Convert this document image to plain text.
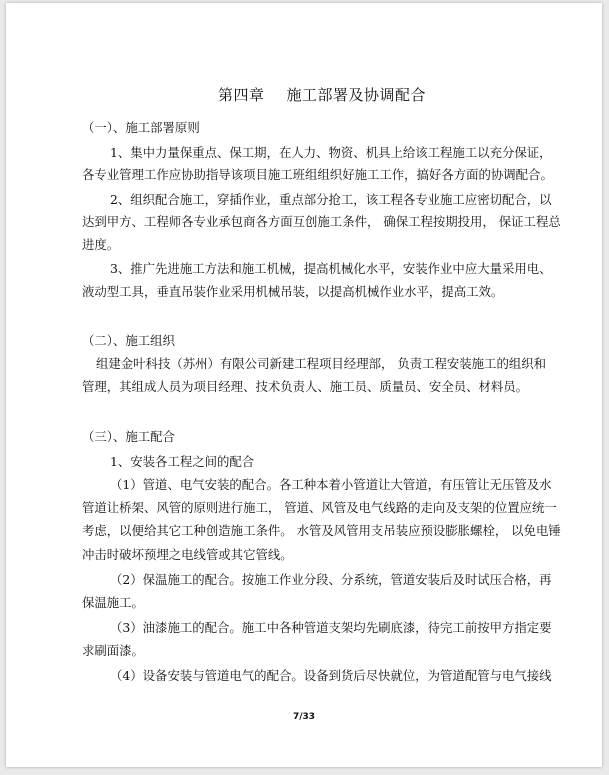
第四章 施工部署及协调配合
（一）、施工部署原则
1、集中力量保重点、保工期，在人力、物资、机具上给该工程施工以充分保证，
各专业管理工作应协助指导该项目施工班组组织好施工工作，搞好各方面的协调配合。
2、组织配合施工，穿插作业，重点部分抢工，该工程各专业施工应密切配合，以
达到甲方、工程师各专业承包商各方面互创施工条件， 确保工程按期投用， 保证工程总
进度。
3、推广先进施工方法和施工机械，提高机械化水平，安装作业中应大量采用电、
液动型工具，垂直吊装作业采用机械吊装，以提高机械作业水平，提高工效。
（二）、施工组织
组建金叶科技（苏州）有限公司新建工程项目经理部， 负责工程安装施工的组织和
管理，其组成人员为项目经理、技术负责人、施工员、质量员、安全员、材料员。
（三）、施工配合
1、安装各工程之间的配合
（1）管道、电气安装的配合。各工种本着小管道让大管道，有压管让无压管及水
管道让桥架、风管的原则进行施工， 管道、风管及电气线路的走向及支架的位置应统一
考虑，以便给其它工种创造施工条件。 水管及风管用支吊装应预设膨胀螺栓， 以免电锤
冲击时破坏预埋之电线管或其它管线。
（2）保温施工的配合。按施工作业分段、分系统，管道安装后及时试压合格，再
保温施工。
（3）油漆施工的配合。施工中各种管道支架均先刷底漆，待完工前按甲方指定要
求刷面漆。
（4）设备安装与管道电气的配合。设备到货后尽快就位，为管道配管与电气接线
7/33
